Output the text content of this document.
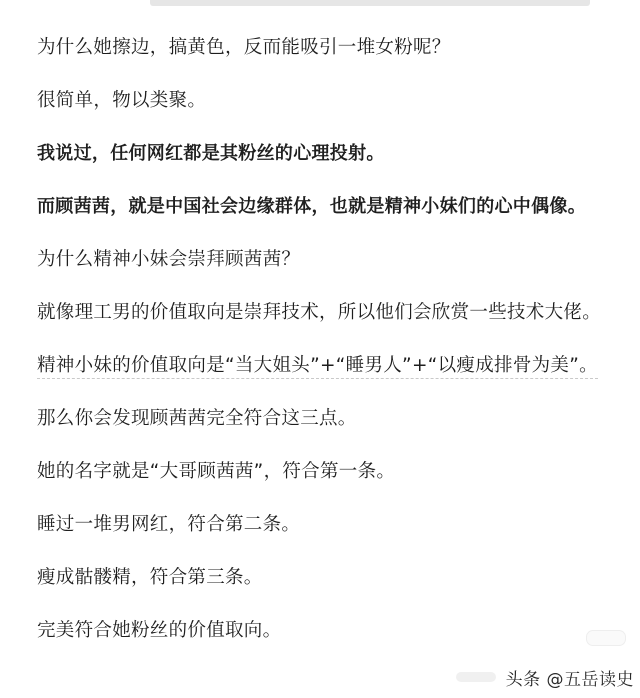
为什么她擦边，搞黄色，反而能吸引一堆女粉呢？

很简单，物以类聚。

我说过，任何网红都是其粉丝的心理投射。

而顾茜茜，就是中国社会边缘群体，也就是精神小妹们的心中偶像。

为什么精神小妹会崇拜顾茜茜？

就像理工男的价值取向是崇拜技术，所以他们会欣赏一些技术大佬。

精神小妹的价值取向是“当大姐头”+“睡男人”+“以瘦成排骨为美”。

那么你会发现顾茜茜完全符合这三点。

她的名字就是“大哥顾茜茜”，符合第一条。

睡过一堆男网红，符合第二条。

瘦成骷髅精，符合第三条。

完美符合她粉丝的价值取向。

头条 @五岳读史
